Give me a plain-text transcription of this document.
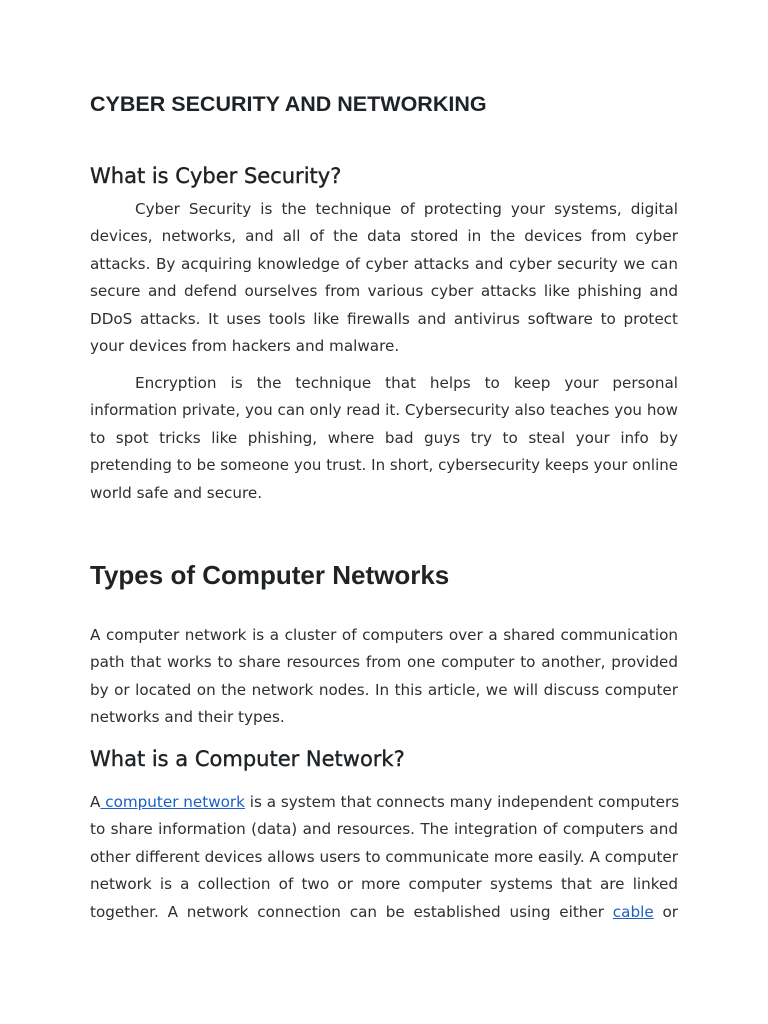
CYBER SECURITY AND NETWORKING
What is Cyber Security?
Cyber Security is the technique of protecting your systems, digital
devices, networks, and all of the data stored in the devices from cyber
attacks. By acquiring knowledge of cyber attacks and cyber security we can
secure and defend ourselves from various cyber attacks like phishing and
DDoS attacks. It uses tools like firewalls and antivirus software to protect
your devices from hackers and malware.
Encryption is the technique that helps to keep your personal
information private, you can only read it. Cybersecurity also teaches you how
to spot tricks like phishing, where bad guys try to steal your info by
pretending to be someone you trust. In short, cybersecurity keeps your online
world safe and secure.
Types of Computer Networks
A computer network is a cluster of computers over a shared communication
path that works to share resources from one computer to another, provided
by or located on the network nodes. In this article, we will discuss computer
networks and their types.
What is a Computer Network?
A computer network is a system that connects many independent computers
to share information (data) and resources. The integration of computers and
other different devices allows users to communicate more easily. A computer
network is a collection of two or more computer systems that are linked
together. A network connection can be established using either cable or
